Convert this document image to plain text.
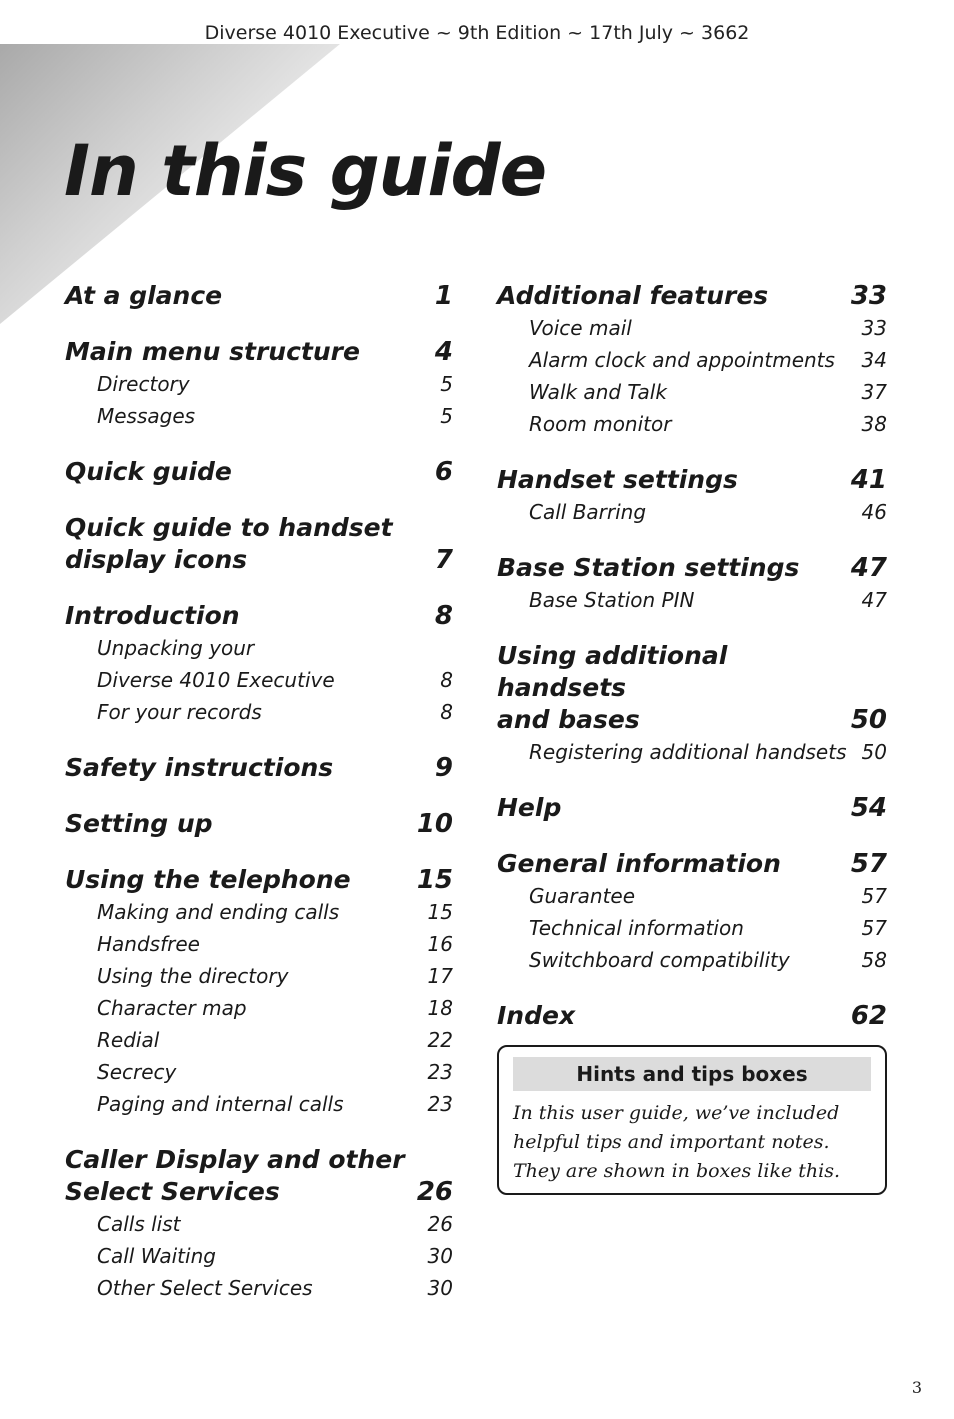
Diverse 4010 Executive ~ 9th Edition ~ 17th July ~ 3662
In this guide
At a glance	1
Main menu structure	4
Directory	5
Messages	5
Quick guide	6
Quick guide to handset
display icons	7
Introduction	8
Unpacking your
Diverse 4010 Executive	8
For your records	8
Safety instructions	9
Setting up	10
Using the telephone	15
Making and ending calls	15
Handsfree	16
Using the directory	17
Character map	18
Redial	22
Secrecy	23
Paging and internal calls	23
Caller Display and other
Select Services	26
Calls list	26
Call Waiting	30
Other Select Services	30
Additional features	33
Voice mail	33
Alarm clock and appointments 34
Walk and Talk	37
Room monitor	38
Handset settings	41
Call Barring	46
Base Station settings 47
Base Station PIN	47
Using additional handsets
and bases	50
Registering additional handsets 50
Help	54
General information	57
Guarantee	57
Technical information	57
Switchboard compatibility	58
Index	62
Hints and tips boxes
In this user guide, we’ve included
helpful tips and important notes.
They are shown in boxes like this.
3
